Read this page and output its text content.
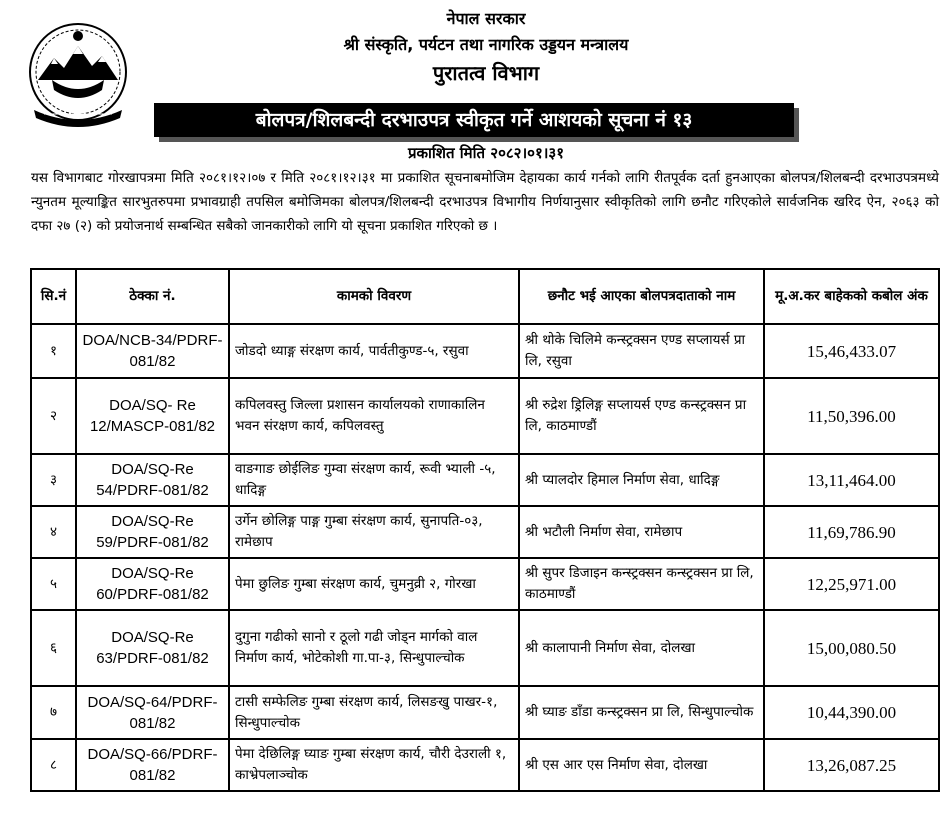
नेपाल सरकार
श्री संस्कृति, पर्यटन तथा नागरिक उड्डयन मन्त्रालय
पुरातत्व विभाग
बोलपत्र/शिलबन्दी दरभाउपत्र स्वीकृत गर्ने आशयको सूचना नं १३
प्रकाशित मिति २०८२।०१।३१
यस विभागबाट गोरखापत्रमा मिति २०८१।१२।०७ र मिति २०८१।१२।३१ मा प्रकाशित सूचनाबमोजिम देहायका कार्य गर्नको लागि रीतपूर्वक दर्ता हुनआएका बोलपत्र/शिलबन्दी दरभाउपत्रमध्ये न्युनतम मूल्याङ्कित सारभुतरुपमा प्रभावग्राही तपसिल बमोजिमका बोलपत्र/शिलबन्दी दरभाउपत्र विभागीय निर्णयानुसार स्वीकृतिको लागि छनौट गरिएकोले सार्वजनिक खरिद ऐन, २०६३ को दफा २७ (२) को प्रयोजनार्थ सम्बन्धित सबैको जानकारीको लागि यो सूचना प्रकाशित गरिएको छ ।
सि.नं	ठेक्का नं.	कामको विवरण	छनौट भई आएका बोलपत्रदाताको नाम	मू.अ.कर बाहेकको कबोल अंक
१	DOA/NCB-34/PDRF-081/82	जोडदो ध्याङ्ग संरक्षण कार्य, पार्वतीकुण्ड-५, रसुवा	श्री थोके चिलिमे कन्स्ट्रक्सन एण्ड सप्लायर्स प्रा लि, रसुवा	15,46,433.07
२	DOA/SQ- Re 12/MASCP-081/82	कपिलवस्तु जिल्ला प्रशासन कार्यालयको राणाकालिन भवन संरक्षण कार्य, कपिलवस्तु	श्री रुद्रेश ड्रिलिङ्ग सप्लायर्स एण्ड कन्स्ट्रक्सन प्रा लि, काठमाण्डौं	11,50,396.00
३	DOA/SQ-Re 54/PDRF-081/82	वाङगाङ छोईलिङ गुम्वा संरक्षण कार्य, रूवी भ्याली -५, धादिङ्ग	श्री प्यालदोर हिमाल निर्माण सेवा, धादिङ्ग	13,11,464.00
४	DOA/SQ-Re 59/PDRF-081/82	उर्गेन छोलिङ्ग पाङ्ग गुम्बा संरक्षण कार्य, सुनापति-०३, रामेछाप	श्री भटौली निर्माण सेवा, रामेछाप	11,69,786.90
५	DOA/SQ-Re 60/PDRF-081/82	पेमा छुलिङ गुम्बा संरक्षण कार्य, चुमनुव्री २, गोरखा	श्री सुपर डिजाइन कन्स्ट्रक्सन कन्स्ट्रक्सन प्रा लि, काठमाण्डौं	12,25,971.00
६	DOA/SQ-Re 63/PDRF-081/82	दुगुना गढीको सानो र ठूलो गढी जोड्न मार्गको वाल निर्माण कार्य, भोटेकोशी गा.पा-३, सिन्धुपाल्चोक	श्री कालापानी निर्माण सेवा, दोलखा	15,00,080.50
७	DOA/SQ-64/PDRF-081/82	टासी सम्फेलिङ गुम्बा संरक्षण कार्य, लिसङखु पाखर-१, सिन्धुपाल्चोक	श्री घ्याङ डाँडा कन्स्ट्रक्सन प्रा लि, सिन्धुपाल्चोक	10,44,390.00
८	DOA/SQ-66/PDRF-081/82	पेमा देछिलिङ्ग घ्याङ गुम्बा संरक्षण कार्य, चौरी देउराली १, काभ्रेपलाञ्चोक	श्री एस आर एस निर्माण सेवा, दोलखा	13,26,087.25
